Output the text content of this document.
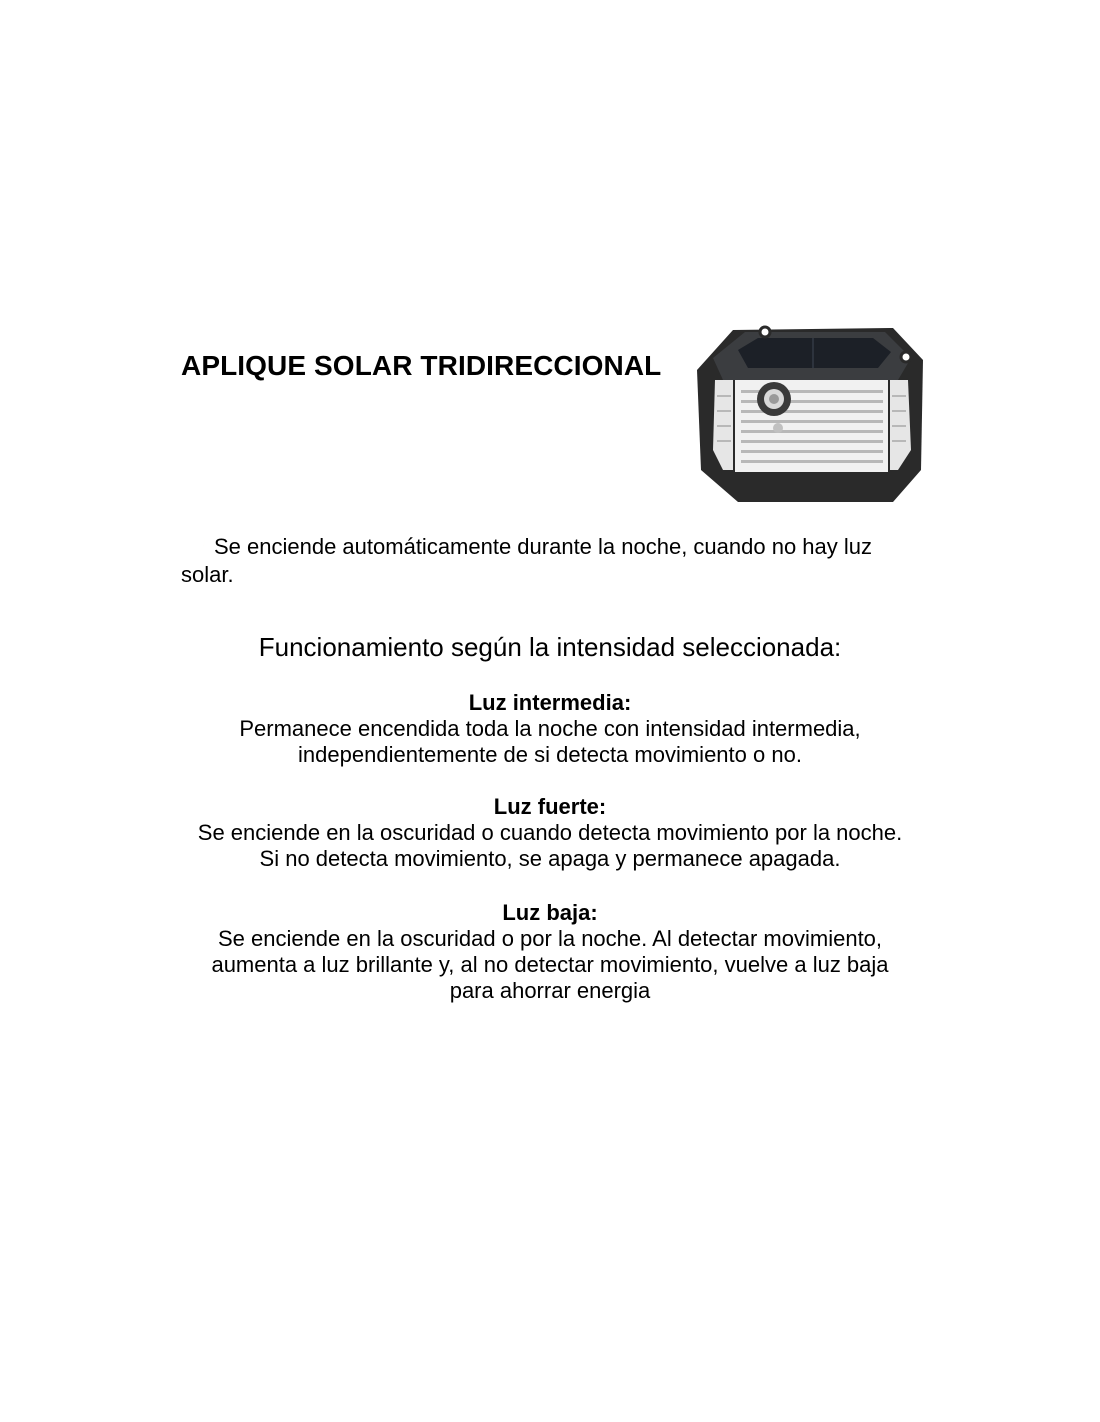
APLIQUE SOLAR TRIDIRECCIONAL

Se enciende automáticamente durante la noche, cuando no hay luz solar.

Funcionamiento según la intensidad seleccionada:
Luz intermedia:

Permanece encendida toda la noche con intensidad intermedia,

independientemente de si detecta movimiento o no.

Luz fuerte:

Se enciende en la oscuridad o cuando detecta movimiento por la noche.

Si no detecta movimiento, se apaga y permanece apagada.

Luz baja:

Se enciende en la oscuridad o por la noche. Al detectar movimiento,

aumenta a luz brillante y, al no detectar movimiento, vuelve a luz baja

para ahorrar energia
